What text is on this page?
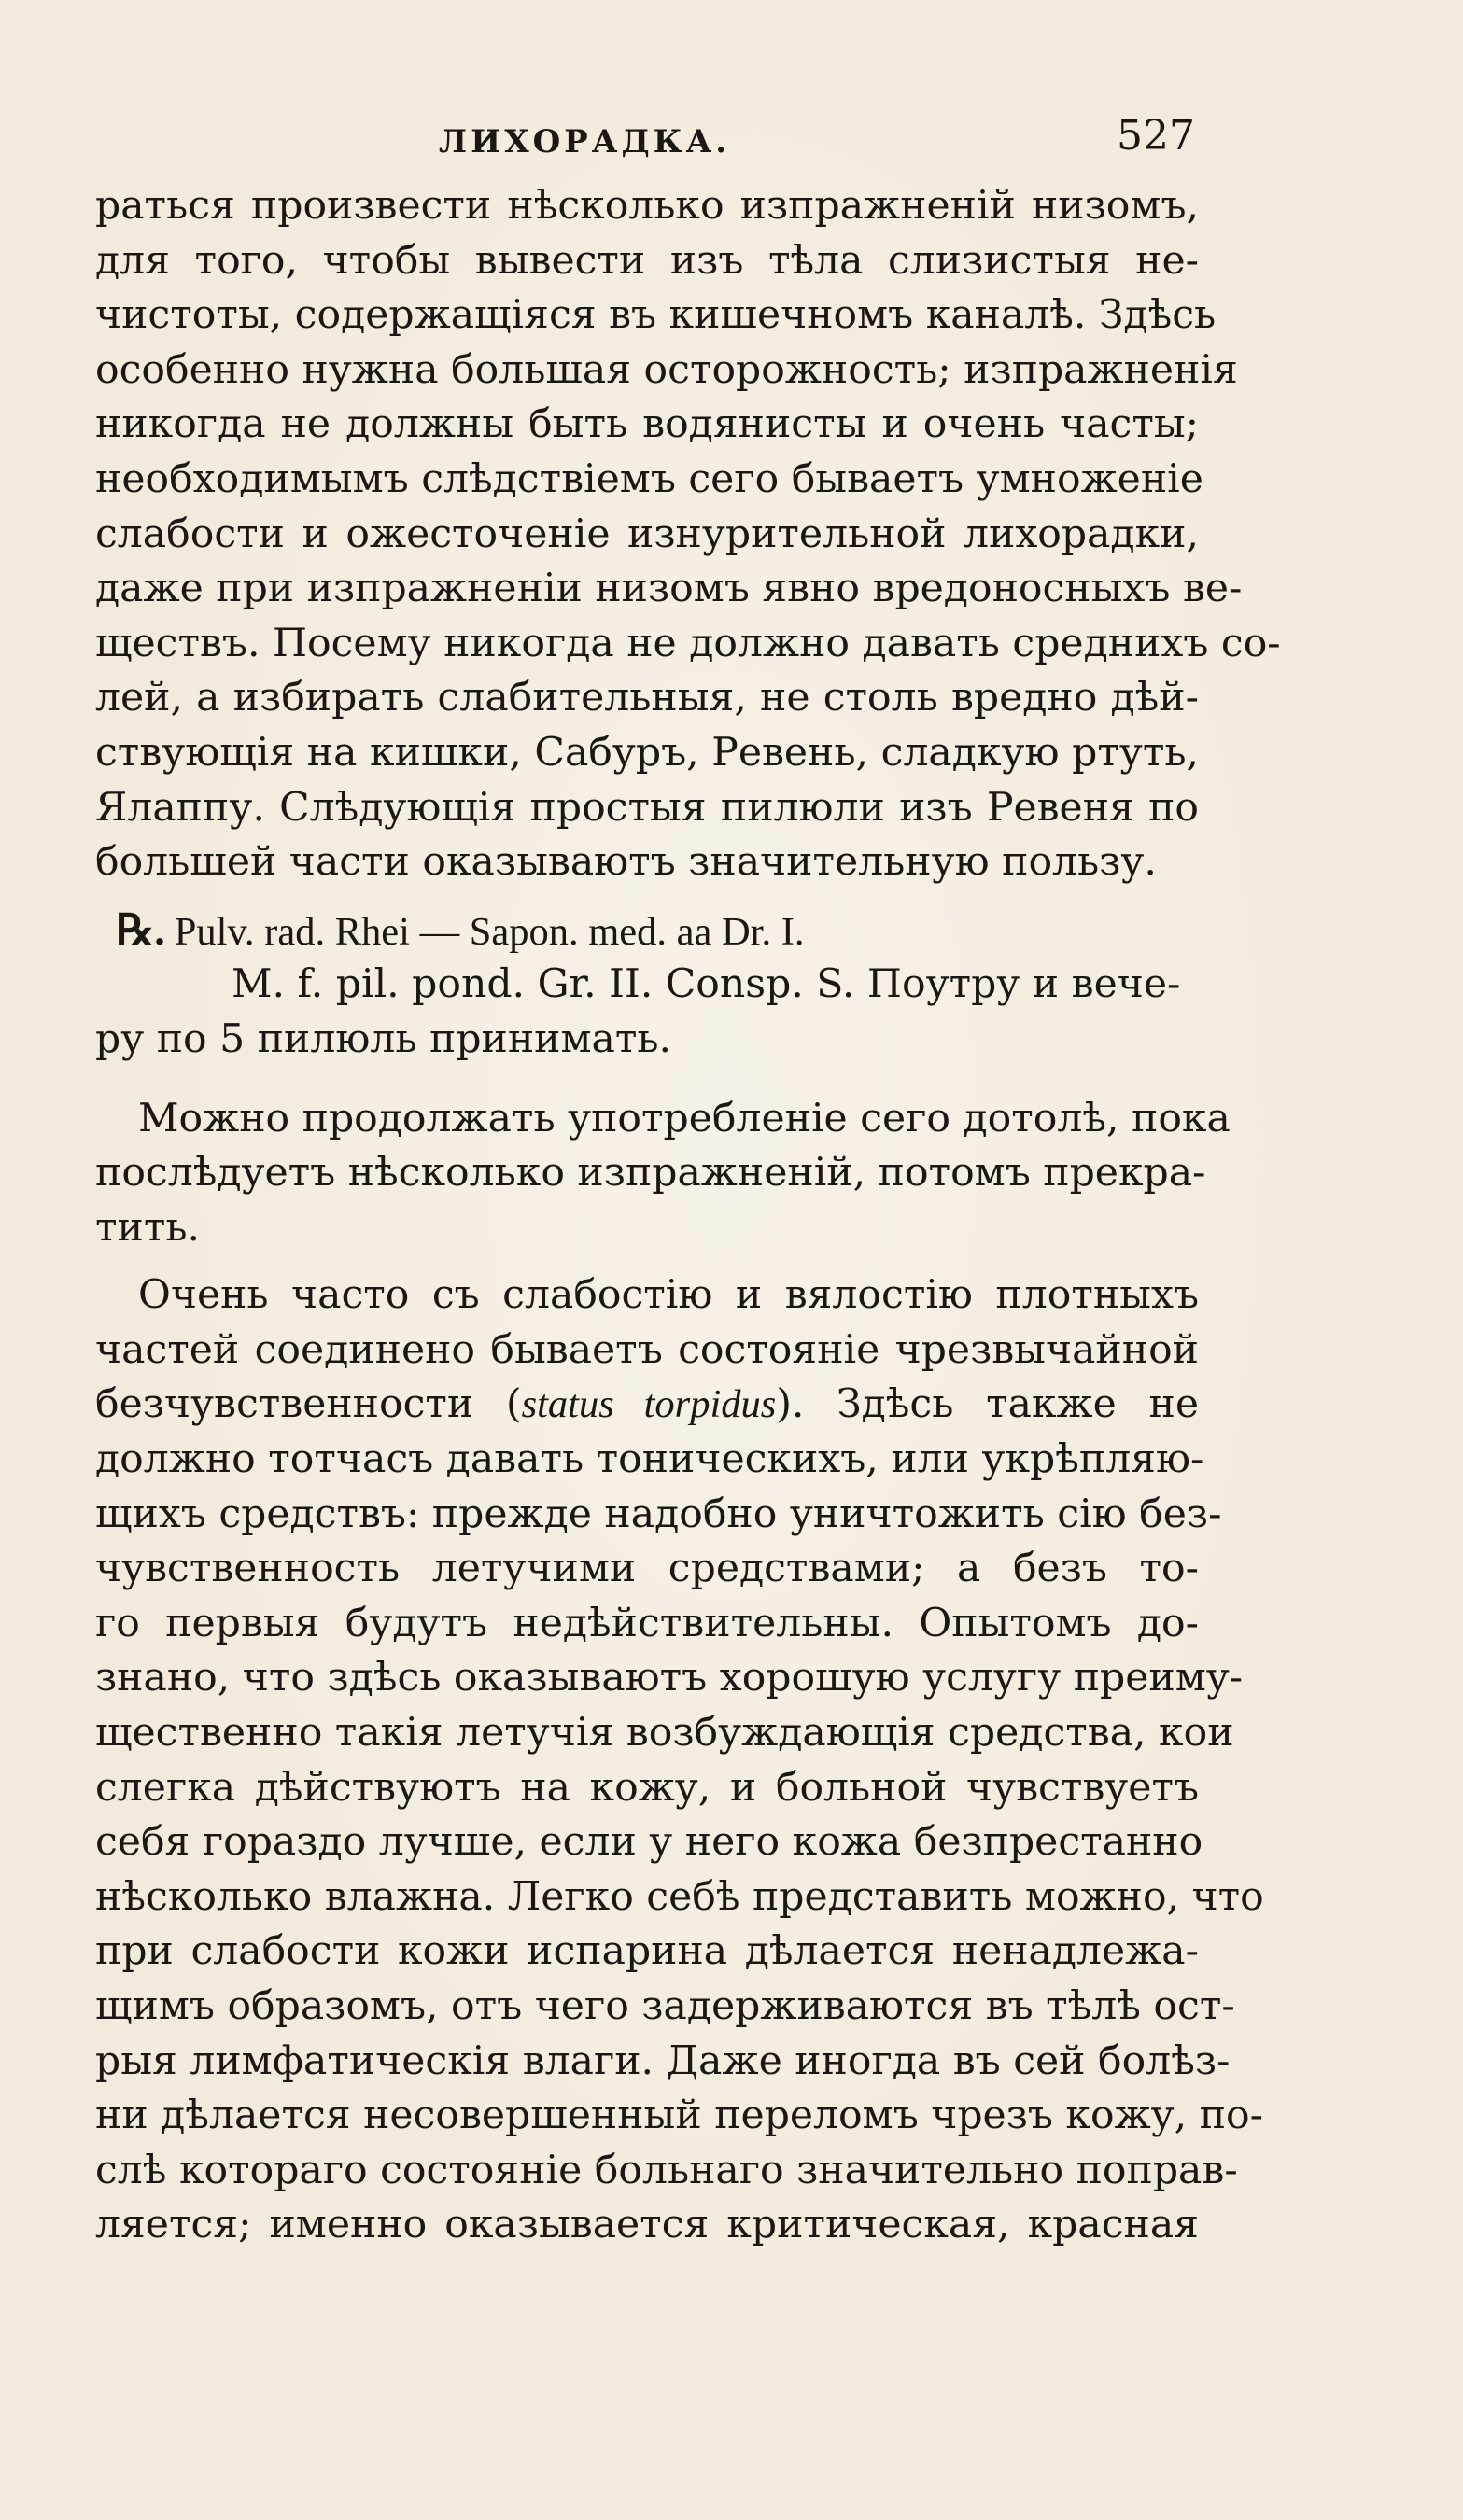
ЛИХОРАДКА.	527
раться произвести нѣсколько изпражненій низомъ,
для того, чтобы вывести изъ тѣла слизистыя не-
чистоты, содержащіяся въ кишечномъ каналѣ. Здѣсь
особенно нужна большая осторожность; изпражненія
никогда не должны быть водянисты и очень часты;
необходимымъ слѣдствіемъ сего бываетъ умноженіе
слабости и ожесточеніе изнурительной лихорадки,
даже при изпражненіи низомъ явно вредоносныхъ ве-
ществъ. Посему никогда не должно давать среднихъ со-
лей, а избирать слабительныя, не столь вредно дѣй-
ствующія на кишки, Сабуръ, Ревень, сладкую ртуть,
Ялаппу. Слѣдующія простыя пилюли изъ Ревеня по
большей части оказываютъ значительную пользу.
℞. Pulv. rad. Rhei — Sapon. med. aa Dr. I.
M. f. pil. pond. Gr. II. Consp. S. Поутру и вече-
ру по 5 пилюль принимать.
Можно продолжать употребленіе сего дотолѣ, пока
послѣдуетъ нѣсколько изпражненій, потомъ прекра-
тить.
Очень часто съ слабостію и вялостію плотныхъ
частей соединено бываетъ состояніе чрезвычайной
безчувственности (status torpidus). Здѣсь также не
должно тотчасъ давать тоническихъ, или укрѣпляю-
щихъ средствъ: прежде надобно уничтожить сію без-
чувственность летучими средствами; а безъ то-
го первыя будутъ недѣйствительны. Опытомъ до-
знано, что здѣсь оказываютъ хорошую услугу преиму-
щественно такія летучія возбуждающія средства, кои
слегка дѣйствуютъ на кожу, и больной чувствуетъ
себя гораздо лучше, если у него кожа безпрестанно
нѣсколько влажна. Легко себѣ представить можно, что
при слабости кожи испарина дѣлается ненадлежа-
щимъ образомъ, отъ чего задерживаются въ тѣлѣ ост-
рыя лимфатическія влаги. Даже иногда въ сей болѣз-
ни дѣлается несовершенный переломъ чрезъ кожу, по-
слѣ котораго состояніе больнаго значительно поправ-
ляется; именно оказывается критическая, красная
